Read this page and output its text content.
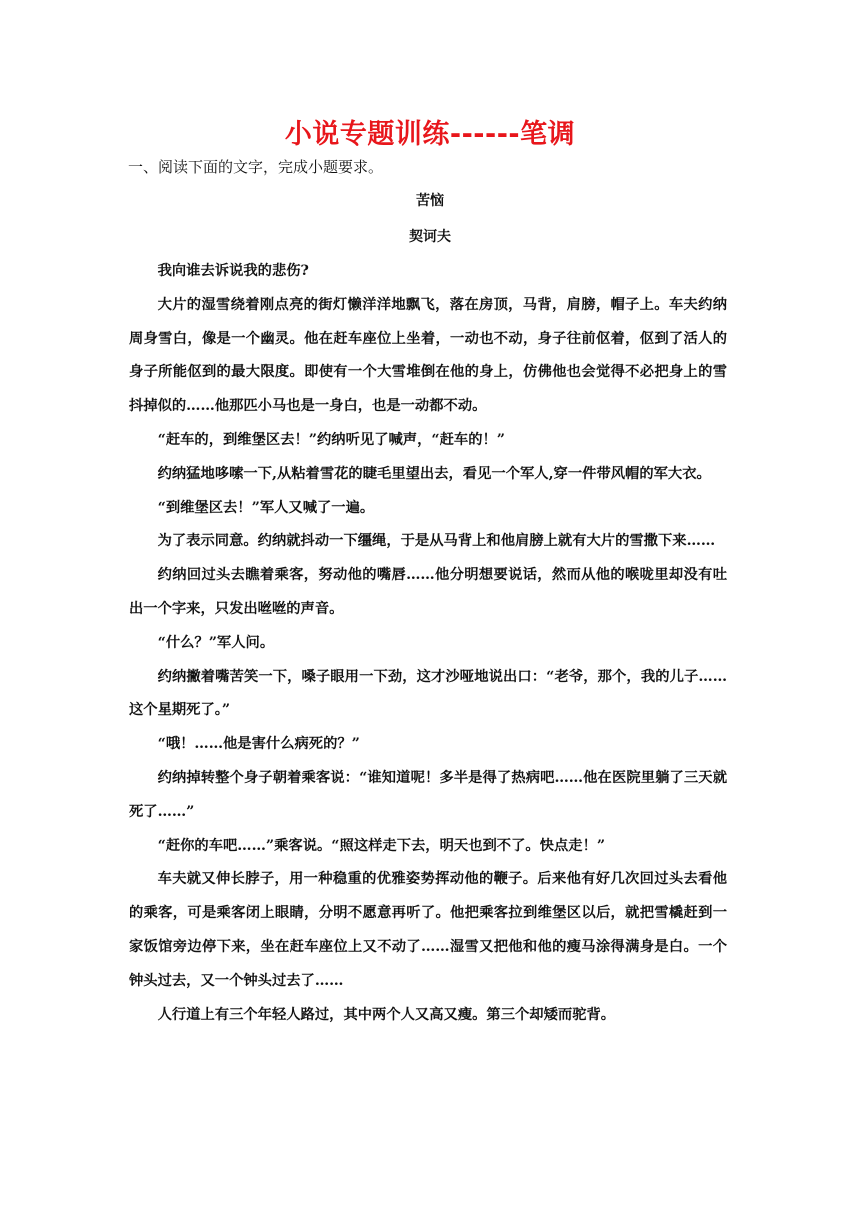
小说专题训练------笔调
一、阅读下面的文字，完成小题要求。
苦恼
契诃夫

我向谁去诉说我的悲伤?

大片的湿雪绕着刚点亮的街灯懒洋洋地飘飞，落在房顶，马背，肩膀，帽子上。车夫约纳周身雪白，像是一个幽灵。他在赶车座位上坐着，一动也不动，身子往前伛着，伛到了活人的身子所能伛到的最大限度。即使有一个大雪堆倒在他的身上，仿佛他也会觉得不必把身上的雪抖掉似的……他那匹小马也是一身白，也是一动都不动。

“赶车的，到维堡区去！”约纳听见了喊声，“赶车的！”

约纳猛地哆嗦一下,从粘着雪花的睫毛里望出去，看见一个军人,穿一件带风帽的军大衣。

“到维堡区去！”军人又喊了一遍。

为了表示同意。约纳就抖动一下缰绳，于是从马背上和他肩膀上就有大片的雪撒下来……

约纳回过头去瞧着乘客，努动他的嘴唇……他分明想要说话，然而从他的喉咙里却没有吐出一个字来，只发出咝咝的声音。

“什么？”军人问。

约纳撇着嘴苦笑一下，嗓子眼用一下劲，这才沙哑地说出口：“老爷，那个，我的儿子……这个星期死了。”

“哦！……他是害什么病死的？”

约纳掉转整个身子朝着乘客说：“谁知道呢！多半是得了热病吧……他在医院里躺了三天就死了……”

“赶你的车吧……”乘客说。“照这样走下去，明天也到不了。快点走！”

车夫就又伸长脖子，用一种稳重的优雅姿势挥动他的鞭子。后来他有好几次回过头去看他的乘客，可是乘客闭上眼睛，分明不愿意再听了。他把乘客拉到维堡区以后，就把雪橇赶到一家饭馆旁边停下来，坐在赶车座位上又不动了……湿雪又把他和他的瘦马涂得满身是白。一个钟头过去，又一个钟头过去了……

人行道上有三个年轻人路过，其中两个人又高又瘦。第三个却矮而驼背。
